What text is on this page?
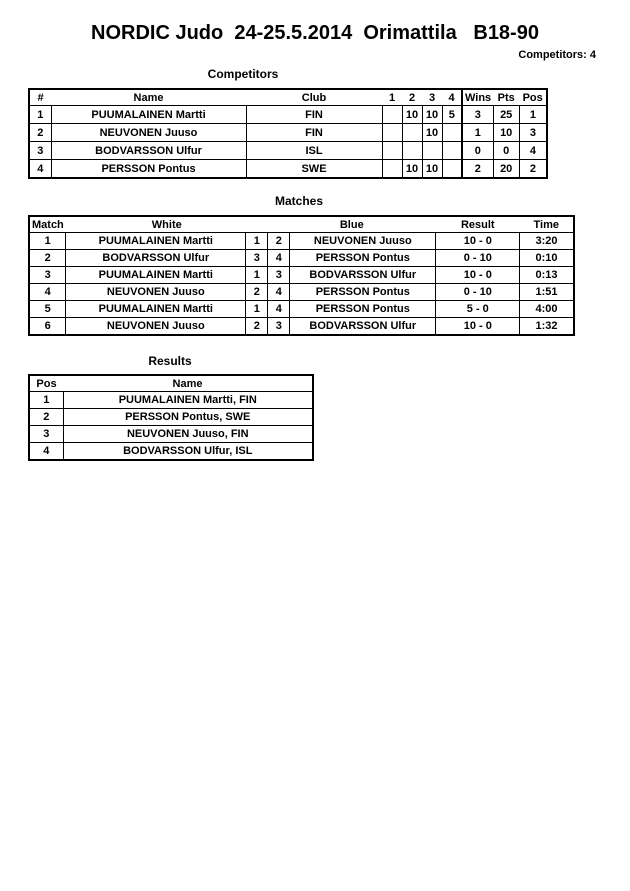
NORDIC Judo  24-25.5.2014  Orimattila   B18-90
Competitors: 4
Competitors
#	Name	Club	1	2	3	4	Wins	Pts	Pos
1	PUUMALAINEN Martti	FIN		10	10	5	3	25	1
2	NEUVONEN Juuso	FIN			10		1	10	3
3	BODVARSSON Ulfur	ISL					0	0	4
4	PERSSON Pontus	SWE		10	10		2	20	2
Matches
Match	White		Blue		Result	Time
1	PUUMALAINEN Martti	1	2	NEUVONEN Juuso	10 - 0	3:20
2	BODVARSSON Ulfur	3	4	PERSSON Pontus	0 - 10	0:10
3	PUUMALAINEN Martti	1	3	BODVARSSON Ulfur	10 - 0	0:13
4	NEUVONEN Juuso	2	4	PERSSON Pontus	0 - 10	1:51
5	PUUMALAINEN Martti	1	4	PERSSON Pontus	5 - 0	4:00
6	NEUVONEN Juuso	2	3	BODVARSSON Ulfur	10 - 0	1:32
Results
Pos	Name
1	PUUMALAINEN Martti, FIN
2	PERSSON Pontus, SWE
3	NEUVONEN Juuso, FIN
4	BODVARSSON Ulfur, ISL
